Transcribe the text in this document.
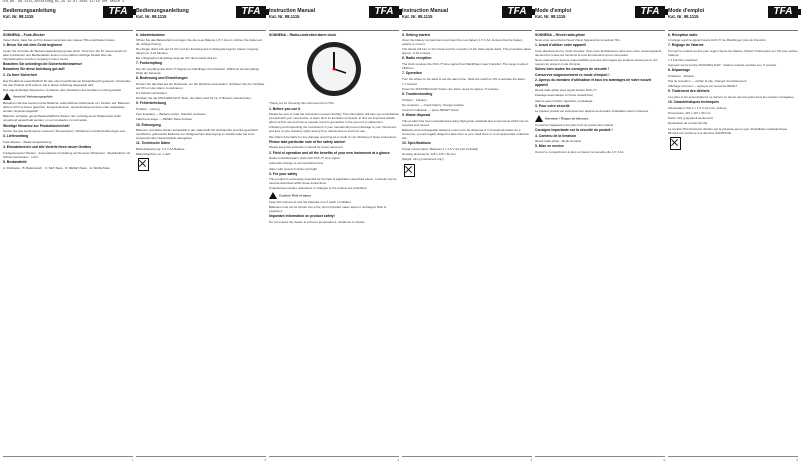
TFA_No. 98.1115_Anleitung_01_19 12.07.2019 12:10 Uhr Seite 1
Bedienungsanleitung
Kat. Nr. 98.1115	TFA
SONNENA – Funk-Wecker

Vielen Dank, dass Sie sich für dieses Gerät aus dem Hause TFA entschieden haben.

1. Bevor Sie mit dem Gerät beginnen

Lesen Sie sich bitte die Bedienungsanleitung genau durch. So lernen Sie Ihr neues Gerät mit allen Funktionen und Bestandteilen kennen und erfahren wichtige Details über die Inbetriebnahme und den Umgang mit dem Gerät.

Beachten Sie unbedingt die Sicherheitshinweise!

Bewahren Sie diese Anleitung gut auf!

2. Zu Ihrer Sicherheit

Das Produkt ist ausschließlich für den oben beschriebenen Einsatzbereich geeignet. Verwenden Sie das Produkt nicht anders, als in dieser Anleitung dargestellt wird.

Das eigenmächtige Reparieren, Umbauen oder Verändern des Gerätes ist nicht gestattet.

Vorsicht! Verletzungsgefahr

Bewahren Sie das Gerät und die Batterien außerhalb der Reichweite von Kindern auf. Batterien dürfen nicht ins Feuer geworfen, kurzgeschlossen, auseinandergenommen oder aufgeladen werden. Explosionsgefahr!

Batterien enthalten gesundheitsschädliche Säuren. Ein vorzeitig leerer Batteriesatz sollte umgehend gewechselt werden, um ein Auslaufen zu vermeiden.

Wichtige Hinweise zur Produktsicherheit!

Setzen Sie das Gerät keinen extremen Temperaturen, Vibrationen und Erschütterungen aus.

3. Lieferumfang

Funk-Wecker · Bedienungsanleitung

4. Einsatzbereich und alle Vorteile Ihres neuen Gerätes

Funkgesteuerter Wecker · Automatische Umstellung auf Sommer-/Winterzeit · Weckfunktion mit Schlummerfunktion · Licht

5. Bestandteile

A: Rückseite · B: Batteriefach · C: SET-Taste · D: RESET-Taste · E: WAVE-Taste

1
Bedienungsanleitung
Kat. Nr. 98.1115	TFA
6. Inbetriebnahme

Öffnen Sie das Batteriefach und legen Sie die neue Batterie 1,5 V AA ein. Achten Sie dabei auf die richtige Polung.

Der Zeiger dreht sich auf 12 Uhr und der Empfang des Funksignals beginnt. Dieser Vorgang dauert ca. 3-10 Minuten.

Bei erfolgreichem Empfang zeigt die Uhr die korrekte Zeit an.

7. Funkempfang

Die Uhr empfängt das DCF-77 Signal von Mainflingen bei Frankfurt. Während des Empfangs blinkt die Sekunde.

8. Bedienung und Einstellungen

Drehen Sie das Rad auf der Rückseite, um die Weckzeit einzustellen. Schieben Sie den Schalter auf ON um den Alarm zu aktivieren.

8.1 Schlummerfunktion

Drücken Sie die SNOOZE/LIGHT Taste, der Alarm wird für ca. 5 Minuten unterbrochen.

9. Fehlerbehebung

Problem · Lösung

Kein Empfang — Batterie prüfen, Standort wechseln

Falsche Anzeige — RESET-Taste drücken

10. Entsorgung

Batterien und Akkus dürfen keinesfalls in den Hausmüll! Als Verbraucher sind Sie gesetzlich verpflichtet, gebrauchte Batterien zur fachgerechten Entsorgung im Handel oder bei einer entsprechenden Sammelstelle abzugeben.

11. Technische Daten

Betriebsspannung: 1,5 V AA Batterie

Batterielaufzeit: ca. 1 Jahr

2
Instruction Manual
Kat. Nr. 98.1115	TFA
SONNENA – Radio-controlled alarm clock

Thank you for choosing this instrument from TFA.

1. Before you use it

Please be sure to read the instruction manual carefully. This information will help you to familiarise yourself with your new device, to learn all of its functions and parts, to find out important details about its first use and how to operate it and to get advice in the event of a malfunction.

Following and respecting the instructions in your manual will prevent damage to your instrument and loss of your statutory rights arising from defects due to incorrect use.

We shall not be liable for any damage occurring as a result of non following of these instructions.

Please take particular note of the safety advice!

Please keep this instruction manual for future reference.

2. Field of operation and all the benefits of your new instrument at a glance

Radio controlled alarm clock with DCF-77 time signal

Automatic change to summer/winter time

Alarm with snooze function and light

3. For your safety

This product is exclusively intended for the field of application described above. It should only be used as described within these instructions.

Unauthorised repairs, alterations or changes to the product are prohibited.

Caution! Risk of injury

Keep this instrument and the batteries out of reach of children.

Batteries must not be thrown into a fire, short-circuited, taken apart or recharged. Risk of explosion!

Important information on product safety!

Do not expose the device to extreme temperatures, vibrations or shocks.

3
Instruction Manual
Kat. Nr. 98.1115	TFA
5. Getting started

Open the battery compartment and insert the new battery 1.5 V AA. Ensure that the battery polarity is correct.

The hands will turn to 12 o'clock and the reception of the radio signal starts. This procedure takes approx. 3-10 minutes.

6. Radio reception

The clock receives the DCF-77 time signal from Mainflingen near Frankfurt. The range is about 1500 km.

7. Operation

Turn the wheel on the back to set the alarm time. Slide the switch to ON to activate the alarm.

7.1 Snooze

Press the SNOOZE/LIGHT button: the alarm stops for approx. 5 minutes.

8. Troubleshooting

Problem · Solution

No reception — check battery, change location

Incorrect indication — press RESET button

9. Waste disposal

This product has been manufactured using high-grade materials and components which can be recycled and reused.

Batteries and rechargeable batteries must never be disposed of in household waste! As a consumer, you are legally obliged to take them to your retail store or to an appropriate collection site.

10. Specifications

Power consumption: Batteries 1 x 1.5 V AA (not included)

Housing dimensions: 115 x 115 x 60 mm

Weight: 221 g (instrument only)

4
Mode d'emploi
Kat. Nr. 98.1115	TFA
SONNENA – Réveil radio-piloté

Nous vous remercions d'avoir choisi l'appareil de la société TFA.

1. Avant d'utiliser votre appareil

Lisez attentivement le mode d'emploi. Vous vous familiariserez ainsi avec votre nouvel appareil, découvrirez toutes les fonctions et tous les éléments qui le composent.

Nous n'assumons aucune responsabilité pour des dommages qui seraient causés par le non respect du présent mode d'emploi.

Suivez bien toutes les consignes de sécurité !

Conservez soigneusement ce mode d'emploi !

2. Aperçu du domaine d'utilisation et tous les avantages de votre nouvel appareil

Réveil radio-piloté avec signal horaire DCF-77

Passage automatique à l'heure d'été/d'hiver

Alarme avec fonction répétition et éclairage

3. Pour votre sécurité

Le présent produit est exclusivement destiné au domaine d'utilisation décrit ci-dessus.

Attention ! Risque de blessure

Conserver l'appareil et les piles hors de portée des enfants.

Consigne importante sur la sécurité du produit !

4. Contenu de la livraison

Réveil radio-piloté · Mode d'emploi

5. Mise en service

Ouvrez le compartiment à piles et insérez la nouvelle pile 1,5 V AA.

5
Mode d'emploi
Kat. Nr. 98.1115	TFA
6. Réception radio

L'horloge reçoit le signal horaire DCF-77 de Mainflingen près de Francfort.

7. Réglage de l'alarme

Tournez la molette au dos pour régler l'heure de l'alarme. Placez l'interrupteur sur ON pour activer l'alarme.

7.1 Fonction répétition

Appuyez sur la touche SNOOZE/LIGHT : l'alarme s'arrête pendant env. 5 minutes.

8. Dépannage

Problème · Solution

Pas de réception — vérifier la pile, changer d'emplacement

Affichage incorrect — appuyer sur la touche RESET

9. Traitement des déchets

Les piles et les accumulateurs ne doivent en aucun cas être jetés dans les ordures ménagères.

10. Caractéristiques techniques

Alimentation: Pile 1 x 1,5 V AA (non incluse)

Dimensions: 115 x 115 x 60 mm

Poids: 221 g (appareil seulement)

Déclaration de conformité UE

La société TFA Dostmann déclare par la présente que le type d'installation radioélectrique 98.1115 est conforme à la directive 2014/53/UE.

6
